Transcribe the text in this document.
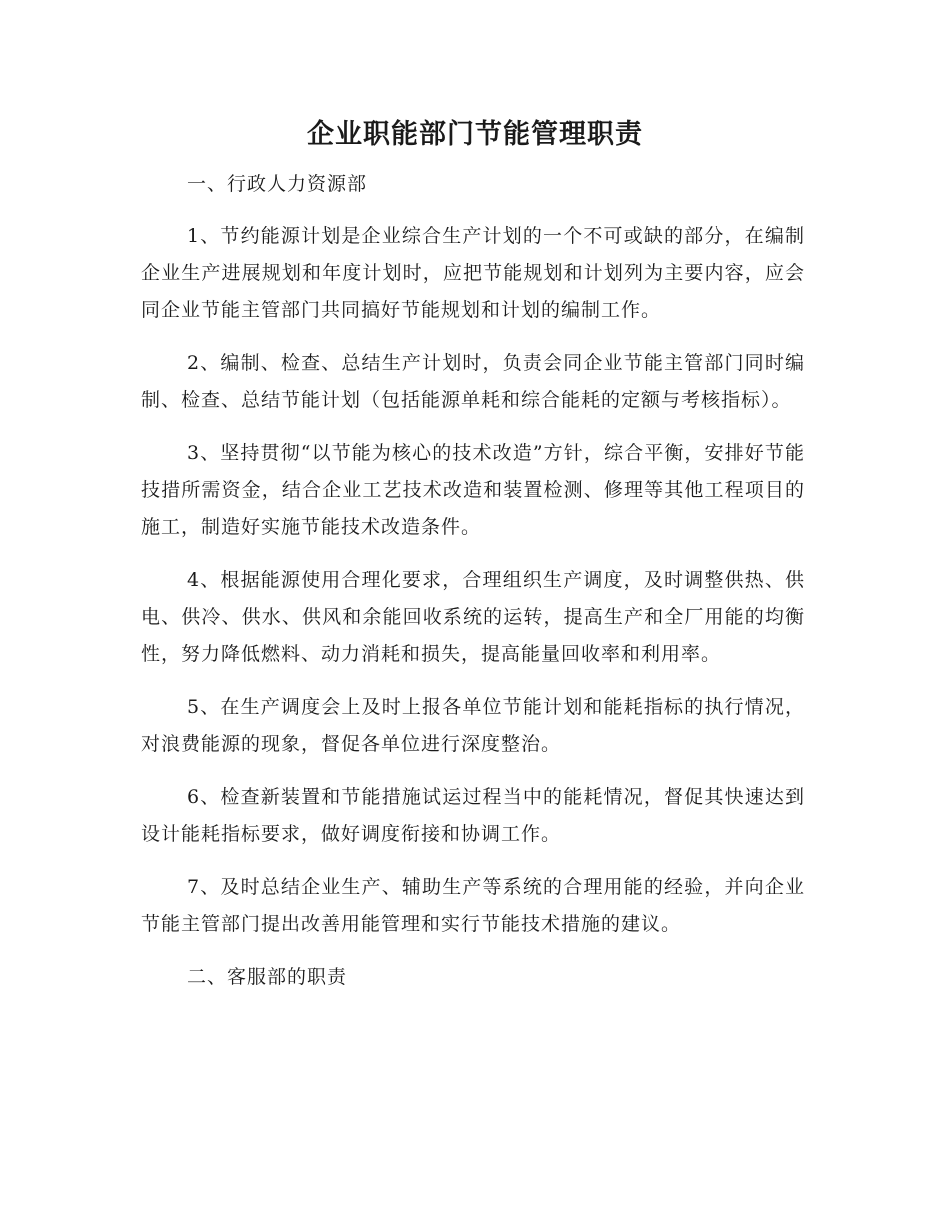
企业职能部门节能管理职责
一、行政人力资源部

1、节约能源计划是企业综合生产计划的一个不可或缺的部分，在编制企业生产进展规划和年度计划时，应把节能规划和计划列为主要内容，应会同企业节能主管部门共同搞好节能规划和计划的编制工作。

2、编制、检查、总结生产计划时，负责会同企业节能主管部门同时编制、检查、总结节能计划（包括能源单耗和综合能耗的定额与考核指标）。

3、坚持贯彻“以节能为核心的技术改造”方针，综合平衡，安排好节能技措所需资金，结合企业工艺技术改造和装置检测、修理等其他工程项目的施工，制造好实施节能技术改造条件。

4、根据能源使用合理化要求，合理组织生产调度，及时调整供热、供电、供冷、供水、供风和余能回收系统的运转，提高生产和全厂用能的均衡性，努力降低燃料、动力消耗和损失，提高能量回收率和利用率。

5、在生产调度会上及时上报各单位节能计划和能耗指标的执行情况，对浪费能源的现象，督促各单位进行深度整治。

6、检查新装置和节能措施试运过程当中的能耗情况，督促其快速达到设计能耗指标要求，做好调度衔接和协调工作。

7、及时总结企业生产、辅助生产等系统的合理用能的经验，并向企业节能主管部门提出改善用能管理和实行节能技术措施的建议。

二、客服部的职责
